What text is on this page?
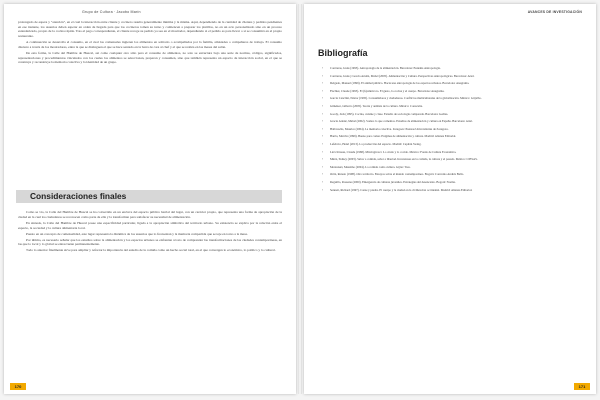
Grupo de Cultura · Jacobo Marín

prolongado de espera y "atención", en el cual la interacción entre cliente y cocinero resulta generalmente mínima y la misma. Aquí, dependiendo de la cantidad de clientes y pedidos pendientes en ese instante, los usuarios deben esperar en orden de llegada para que los cocineros tomen su turno y comiencen a preparar los platillos, no en un acto personalizado sino en un proceso estandarizado, propio de la cocina rápida. Tras el pago correspondiente, el cliente recoge su pedido ya sea en el mostrador, dependiendo si el pedido es para llevar o si se consumirá en el propio restaurante.

A continuación se desarrolla el consumo, en el cual los comensales ingieren los alimentos en solitario o acompañados por la familia, amistades o compañeros de trabajo. El consumo discurre a través de los mostradores, entre la que se distinguen el que se hace sentado en la barra de cara al chef y el que se realiza en las mesas del salón.

De esta forma, la Calle del Hambre de Huacal, así como cualquier otro sitio para el consumo de alimentos, no solo se estructura bajo una serie de normas, códigos, significados, representaciones y procedimientos vinculados con los cuales los alimentos se seleccionan, preparan y consumen, sino que también representa un espacio de interacción social, en el que se construye y reconstruye la memoria colectiva y la identidad de un grupo.

Consideraciones finales

Como se vio, la Calle del Hambre de Huacal se ha convertido en un enclave del espacio público barrial del lugar, con un carácter propio, que representa una forma de apropiación de la ciudad en la cual los ciudadanos se reconocen como parte de ella y la transforman para satisfacer su necesidad de alimentación.

En síntesis, la Calle del Hambre de Huacal posee una especificidad particular, ligada a la apropiación simbólica del territorio urbano. Su existencia se explica por la relación entre el espacio, la sociedad y la cultura alimentaria local.

Puesto en un concepto de comensalidad, este lugar representa la dinámica de los usuarios que lo frecuentan y la memoria compartida que se teje en torno a la mesa.

Por último, es necesario señalar que los estudios sobre la alimentación y los espacios urbanos se enfrentan al reto de comprender las transformaciones de las ciudades contemporáneas, en las que lo local y lo global se entrecruzan permanentemente.

Todo lo anterior finalmente sirve para ampliar y reforzar la importancia del estudio de la comida como un hecho social total, en el que convergen lo económico, lo político y lo cultural.

170
AVANCES DE INVESTIGACIÓN
Bibliografía
• Contreras, Jesús (1993). Antropología de la alimentación. Barcelona: Eudema Antropología.
• Contreras, Jesús y Gracia Arnáiz, Mabel (2005). Alimentación y Cultura. Perspectivas Antropológicas. Barcelona: Ariel.
• Delgado, Manuel (1999). El animal público. Hacia una antropología de los espacios urbanos. Barcelona: Anagrama.
• Fischler, Claude (1995). El (h)omnívoro. El gusto, la cocina y el cuerpo. Barcelona: Anagrama.
• García Canclini, Néstor (1995). Consumidores y ciudadanos. Conflictos multiculturales de la globalización. México: Grijalbo.
• Giménez, Gilberto (2005). Teoría y análisis de la cultura. México: Conaculta.
• Goody, Jack (1995). Cocina, cuisine y clase. Estudio de sociología comparada. Barcelona: Gedisa.
• Gracia Arnáiz, Mabel (2002). Somos lo que comemos. Estudios de alimentación y cultura en España. Barcelona: Ariel.
• Halbwachs, Maurice (2004). La memoria colectiva. Zaragoza: Prensas Universitarias de Zaragoza.
• Harris, Marvin (1999). Bueno para comer. Enigmas de alimentación y cultura. Madrid: Alianza Editorial.
• Lefebvre, Henri (2013). La producción del espacio. Madrid: Capitán Swing.
• Lévi-Strauss, Claude (1968). Mitológicas I. Lo crudo y lo cocido. México: Fondo de Cultura Económica.
• Mintz, Sidney (2003). Sabor a comida, sabor a libertad. Incursiones en la comida, la cultura y el pasado. México: CIESAS.
• Montanari, Massimo (2004). La comida como cultura. Gijón: Trea.
• Ortiz, Renato (1998). Otro territorio. Ensayos sobre el mundo contemporáneo. Bogotá: Convenio Andrés Bello.
• Reguillo, Rossana (2000). Emergencia de culturas juveniles. Estrategias del desencanto. Bogotá: Norma.
• Sennett, Richard (1997). Carne y piedra. El cuerpo y la ciudad en la civilización occidental. Madrid: Alianza Editorial.
171
